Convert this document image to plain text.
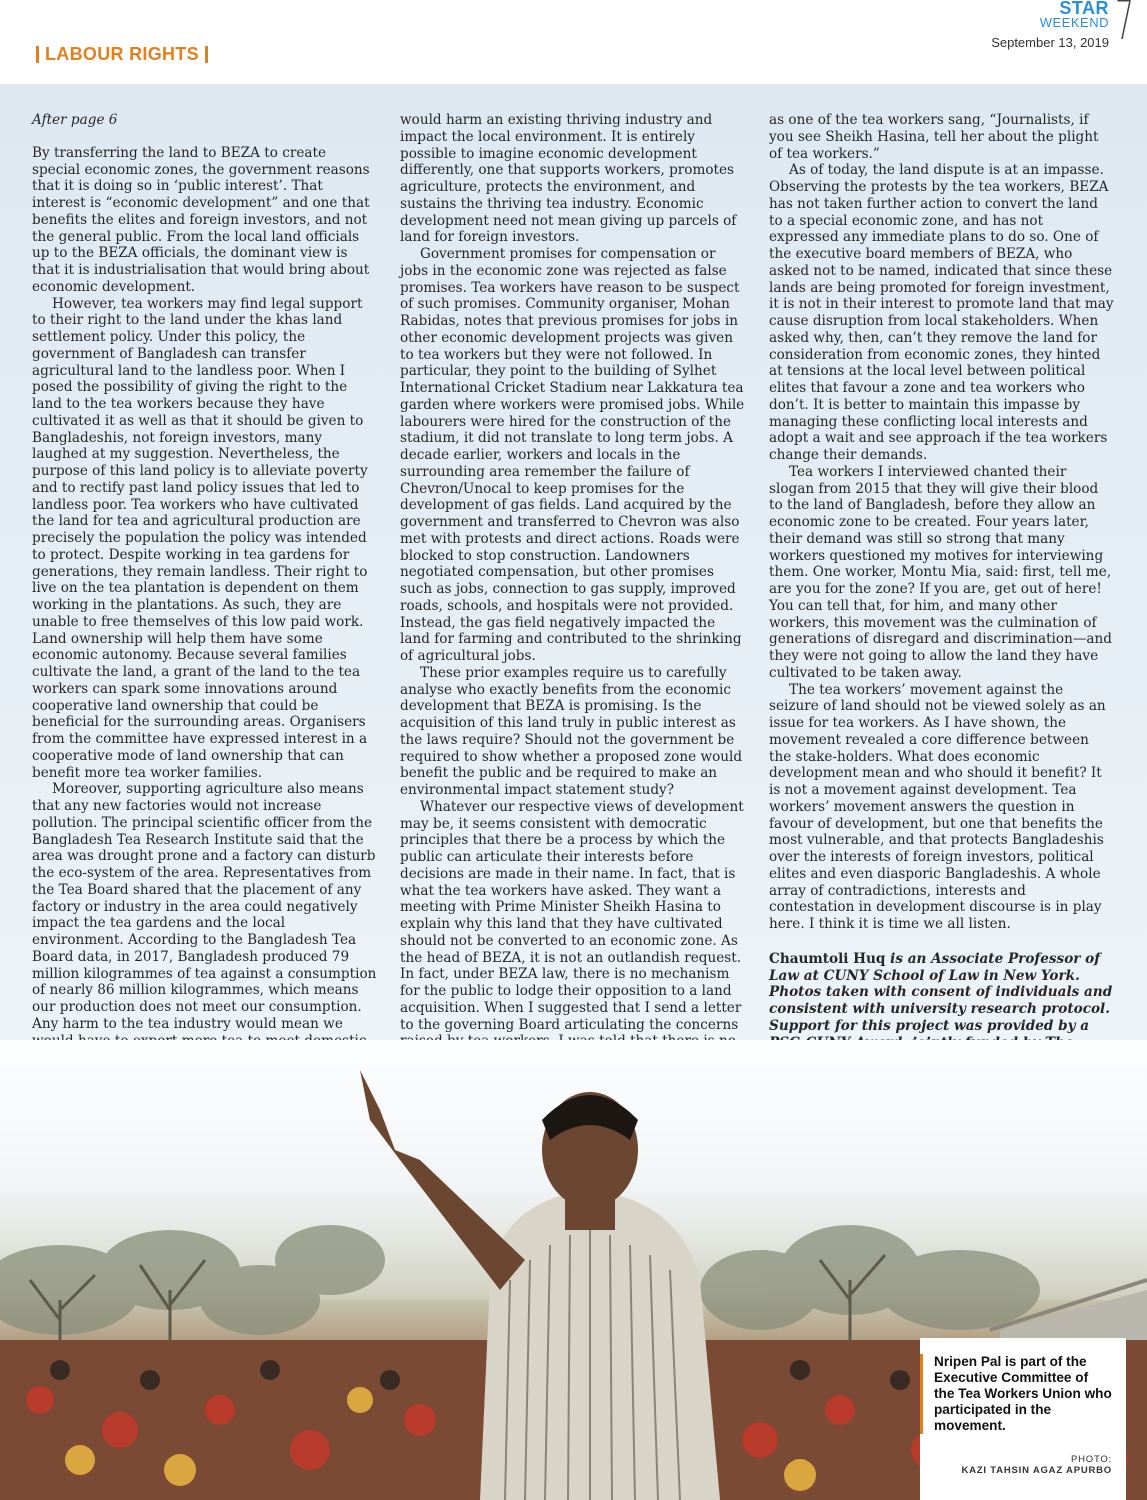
LABOUR RIGHTS
STAR
WEEKEND
September 13, 2019 7

After page 6

By transferring the land to BEZA to create special economic zones, the government reasons that it is doing so in ‘public interest’. That interest is “economic development” and one that benefits the elites and foreign investors, and not the general public. From the local land officials up to the BEZA officials, the dominant view is that it is industrialisation that would bring about economic development.

However, tea workers may find legal support to their right to the land under the khas land settlement policy. Under this policy, the government of Bangladesh can transfer agricultural land to the landless poor. When I posed the possibility of giving the right to the land to the tea workers because they have cultivated it as well as that it should be given to Bangladeshis, not foreign investors, many laughed at my suggestion. Nevertheless, the purpose of this land policy is to alleviate poverty and to rectify past land policy issues that led to landless poor. Tea workers who have cultivated the land for tea and agricultural production are precisely the population the policy was intended to protect. Despite working in tea gardens for generations, they remain landless. Their right to live on the tea plantation is dependent on them working in the plantations. As such, they are unable to free themselves of this low paid work. Land ownership will help them have some economic autonomy. Because several families cultivate the land, a grant of the land to the tea workers can spark some innovations around cooperative land ownership that could be beneficial for the surrounding areas. Organisers from the committee have expressed interest in a cooperative mode of land ownership that can benefit more tea worker families.

Moreover, supporting agriculture also means that any new factories would not increase pollution. The principal scientific officer from the Bangladesh Tea Research Institute said that the area was drought prone and a factory can disturb the eco-system of the area. Representatives from the Tea Board shared that the placement of any factory or industry in the area could negatively impact the tea gardens and the local environment. According to the Bangladesh Tea Board data, in 2017, Bangladesh produced 79 million kilogrammes of tea against a consumption of nearly 86 million kilogrammes, which means our production does not meet our consumption. Any harm to the tea industry would mean we

would harm an existing thriving industry and impact the local environment. It is entirely possible to imagine economic development differently, one that supports workers, promotes agriculture, protects the environment, and sustains the thriving tea industry. Economic development need not mean giving up parcels of land for foreign investors.

Government promises for compensation or jobs in the economic zone was rejected as false promises. Tea workers have reason to be suspect of such promises. Community organiser, Mohan Rabidas, notes that previous promises for jobs in other economic development projects was given to tea workers but they were not followed. In particular, they point to the building of Sylhet International Cricket Stadium near Lakkatura tea garden where workers were promised jobs. While labourers were hired for the construction of the stadium, it did not translate to long term jobs. A decade earlier, workers and locals in the surrounding area remember the failure of Chevron/Unocal to keep promises for the development of gas fields. Land acquired by the government and transferred to Chevron was also met with protests and direct actions. Roads were blocked to stop construction. Landowners negotiated compensation, but other promises such as jobs, connection to gas supply, improved roads, schools, and hospitals were not provided. Instead, the gas field negatively impacted the land for farming and contributed to the shrinking of agricultural jobs.

These prior examples require us to carefully analyse who exactly benefits from the economic development that BEZA is promising. Is the acquisition of this land truly in public interest as the laws require? Should not the government be required to show whether a proposed zone would benefit the public and be required to make an environmental impact statement study?

Whatever our respective views of development may be, it seems consistent with democratic principles that there be a process by which the public can articulate their interests before decisions are made in their name. In fact, that is what the tea workers have asked. They want a meeting with Prime Minister Sheikh Hasina to explain why this land that they have cultivated should not be converted to an economic zone. As the head of BEZA, it is not an outlandish request. In fact, under BEZA law, there is no mechanism for the public to lodge their opposition to a land acquisition. When I suggested that I send a letter to the governing Board articulating the concerns

as one of the tea workers sang, “Journalists, if you see Sheikh Hasina, tell her about the plight of tea workers.”

As of today, the land dispute is at an impasse. Observing the protests by the tea workers, BEZA has not taken further action to convert the land to a special economic zone, and has not expressed any immediate plans to do so. One of the executive board members of BEZA, who asked not to be named, indicated that since these lands are being promoted for foreign investment, it is not in their interest to promote land that may cause disruption from local stakeholders. When asked why, then, can’t they remove the land for consideration from economic zones, they hinted at tensions at the local level between political elites that favour a zone and tea workers who don’t. It is better to maintain this impasse by managing these conflicting local interests and adopt a wait and see approach if the tea workers change their demands.

Tea workers I interviewed chanted their slogan from 2015 that they will give their blood to the land of Bangladesh, before they allow an economic zone to be created. Four years later, their demand was still so strong that many workers questioned my motives for interviewing them. One worker, Montu Mia, said: first, tell me, are you for the zone? If you are, get out of here! You can tell that, for him, and many other workers, this movement was the culmination of generations of disregard and discrimination—and they were not going to allow the land they have cultivated to be taken away.

The tea workers’ movement against the seizure of land should not be viewed solely as an issue for tea workers. As I have shown, the movement revealed a core difference between the stake-holders. What does economic development mean and who should it benefit? It is not a movement against development. Tea workers’ movement answers the question in favour of development, but one that benefits the most vulnerable, and that protects Bangladeshis over the interests of foreign investors, political elites and even diasporic Bangladeshis. A whole array of contradictions, interests and contestation in development discourse is in play here. I think it is time we all listen.

Chaumtoli Huq is an Associate Professor of Law at CUNY School of Law in New York. Photos taken with consent of individuals and consistent with university research protocol. Support for this project was provided by a

Nripen Pal is part of the Executive Committee of the Tea Workers Union who participated in the movement.
PHOTO:
KAZI TAHSIN AGAZ APURBO
